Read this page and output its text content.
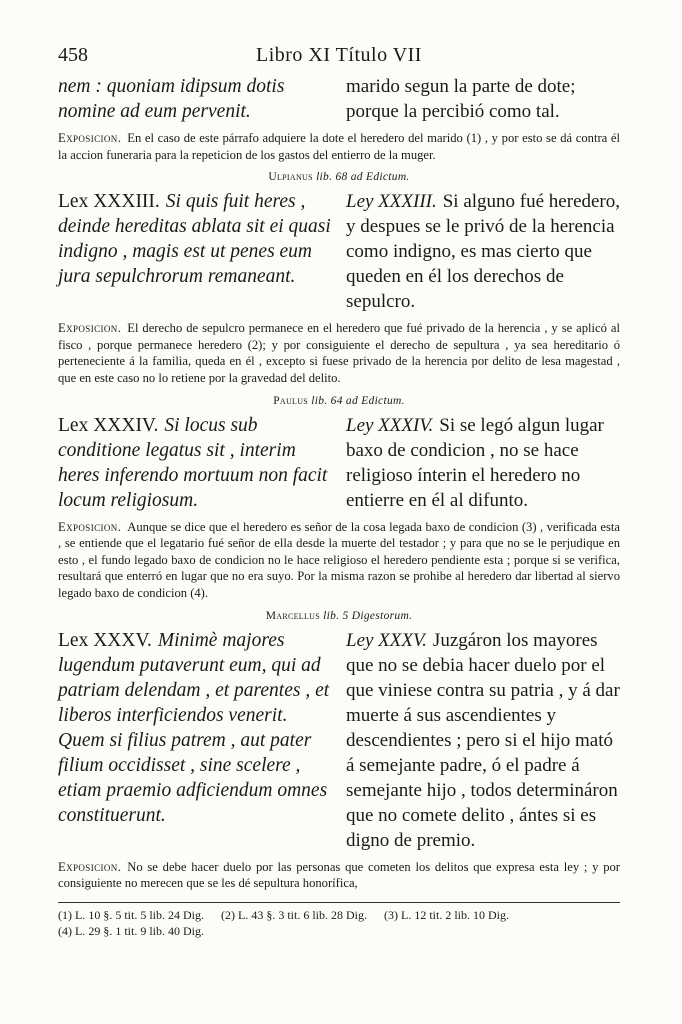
458	Libro XI Título VII
nem : quoniam idipsum dotis nomine ad eum pervenit.
marido segun la parte de dote; porque la percibió como tal.
Exposicion. En el caso de este párrafo adquiere la dote el heredero del marido (1) , y por esto se dá contra él la accion funeraria para la repeticion de los gastos del entierro de la muger.
Ulpianus lib. 68 ad Edictum.
Lex XXXIII. Si quis fuit heres , deinde hereditas ablata sit ei quasi indigno , magis est ut penes eum jura sepulchrorum remaneant.
Ley XXXIII. Si alguno fué heredero, y despues se le privó de la herencia como indigno, es mas cierto que queden en él los derechos de sepulcro.
Exposicion. El derecho de sepulcro permanece en el heredero que fué privado de la herencia , y se aplicó al fisco , porque permanece heredero (2); y por consiguiente el derecho de sepultura , ya sea hereditario ó perteneciente á la familia, queda en él , excepto si fuese privado de la herencia por delito de lesa magestad , que en este caso no lo retiene por la gravedad del delito.
Paulus lib. 64 ad Edictum.
Lex XXXIV. Si locus sub conditione legatus sit , interim heres inferendo mortuum non facit locum religiosum.
Ley XXXIV. Si se legó algun lugar baxo de condicion , no se hace religioso ínterin el heredero no entierre en él al difunto.
Exposicion. Aunque se dice que el heredero es señor de la cosa legada baxo de condicion (3) , verificada esta , se entiende que el legatario fué señor de ella desde la muerte del testador ; y para que no se le perjudique en esto , el fundo legado baxo de condicion no le hace religioso el heredero pendiente esta ; porque si se verifica, resultará que enterró en lugar que no era suyo. Por la misma razon se prohibe al heredero dar libertad al siervo legado baxo de condicion (4).
Marcellus lib. 5 Digestorum.
Lex XXXV. Minimè majores lugendum putaverunt eum, qui ad patriam delendam , et parentes , et liberos interficiendos venerit. Quem si filius patrem , aut pater filium occidisset , sine scelere , etiam praemio adficiendum omnes constituerunt.
Ley XXXV. Juzgáron los mayores que no se debia hacer duelo por el que viniese contra su patria , y á dar muerte á sus ascendientes y descendientes ; pero si el hijo mató á semejante padre, ó el padre á semejante hijo , todos determináron que no comete delito , ántes si es digno de premio.
Exposicion. No se debe hacer duelo por las personas que cometen los delitos que expresa esta ley ; y por consiguiente no merecen que se les dé sepultura honorífica,
(1) L. 10 §. 5 tit. 5 lib. 24 Dig. (2) L. 43 §. 3 tit. 6 lib. 28 Dig. (3) L. 12 tit. 2 lib. 10 Dig.
(4) L. 29 §. 1 tit. 9 lib. 40 Dig.
